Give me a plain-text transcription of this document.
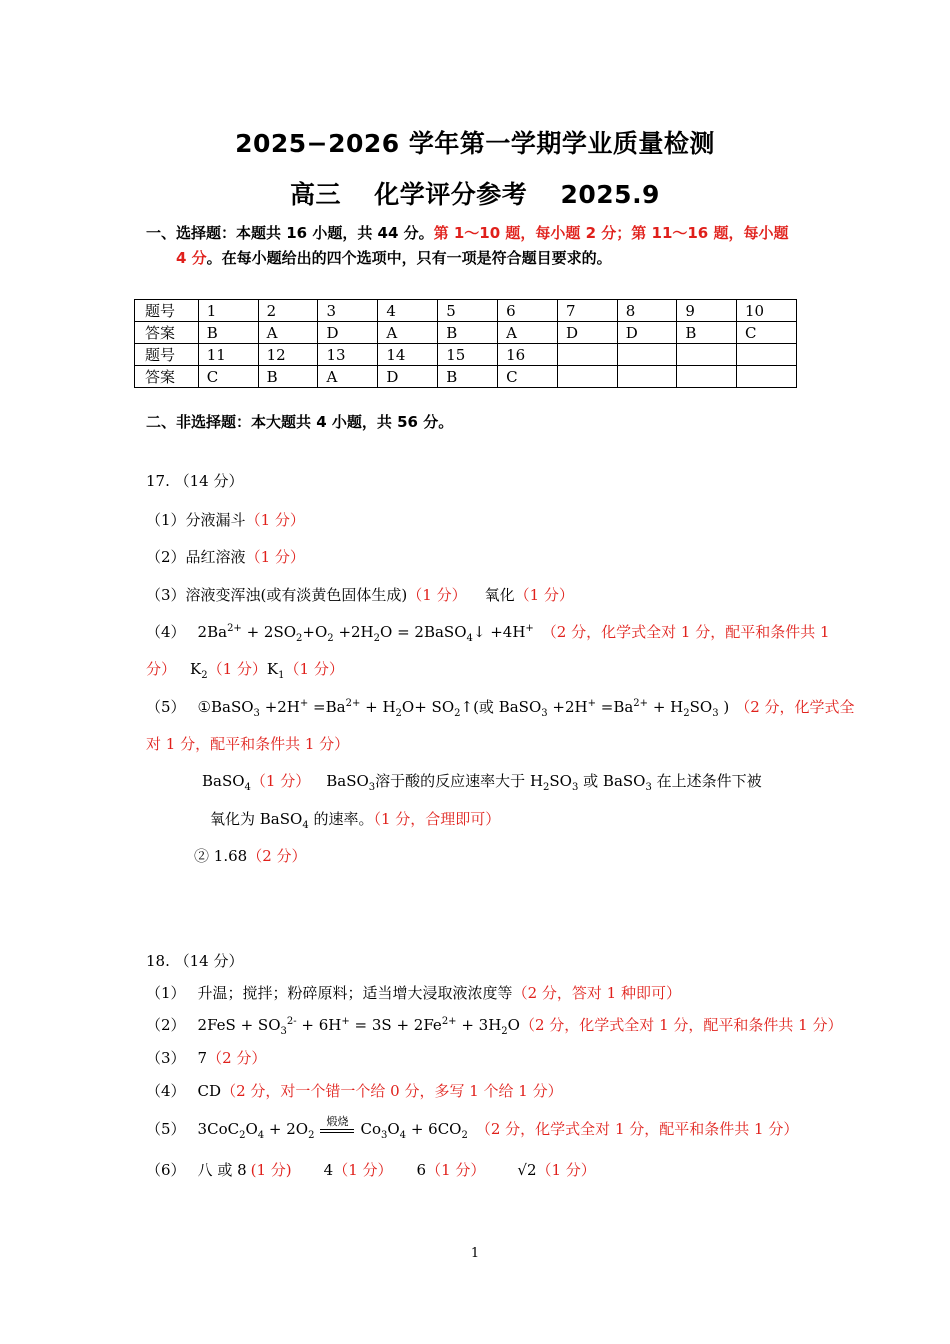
2025−2026 学年第一学期学业质量检测
高三 化学评分参考 2025.9
一、选择题：本题共 16 小题，共 44 分。第 1～10 题，每小题 2 分；第 11～16 题，每小题
4 分。在每小题给出的四个选项中，只有一项是符合题目要求的。
题号	1	2	3	4	5	6	7	8	9	10
答案	B	A	D	A	B	A	D	D	B	C
题号	11	12	13	14	15	16				
答案	C	B	A	D	B	C				
二、非选择题：本大题共 4 小题，共 56 分。
17. （14 分）
（1）分液漏斗（1 分）
（2）品红溶液（1 分）
（3）溶液变浑浊(或有淡黄色固体生成)（1 分） 氧化（1 分）
（4） $2Ba^{2+} + 2SO_2+O_2 +2H_2O$ = 2BaSO$_4$↓ +4H+ （2 分，化学式全对 1 分，配平和条件共 1
分） $K_2(1$ 分）$K_1(1$ 分）
（5） ①BaSO$_3$ $+2H^+ =Ba^{2+} + H_2O+$ $SO_2↑$(或 BaSO$_3$ $+2H^+ =Ba^{2+} + H_2SO_3$ ) （2 分，化学式全
对 1 分，配平和条件共 1 分）
BaSO$_4$（1 分） BaSO$_3$溶于酸的反应速率大于 $H_2SO_3$ 或 BaSO$_3$ 在上述条件下被
氧化为 BaSO$_4$ 的速率。（1 分，合理即可）
② 1.68（2 分）
18. （14 分）
（1） 升温；搅拌；粉碎原料；适当增大浸取液浓度等（2 分，答对 1 种即可）
（2） $2FeS + SO_3^{2-} + 6H^+ = 3S + 2Fe^{2+} + 3H_2O(2$ 分，化学式全对 1 分，配平和条件共 1 分）
（3） 7（2 分）
（4） CD（2 分，对一个错一个给 0 分，多写 1 个给 1 分）
（5） $3CoC_2O_4 + 2O_2$
煅烧 $Co_3O_4 + 6CO_2$ （2 分，化学式全对 1 分，配平和条件共 1 分）
（6） 八 或 8 (1 分) 4（1 分） 6（1 分） √2（1 分）
1
